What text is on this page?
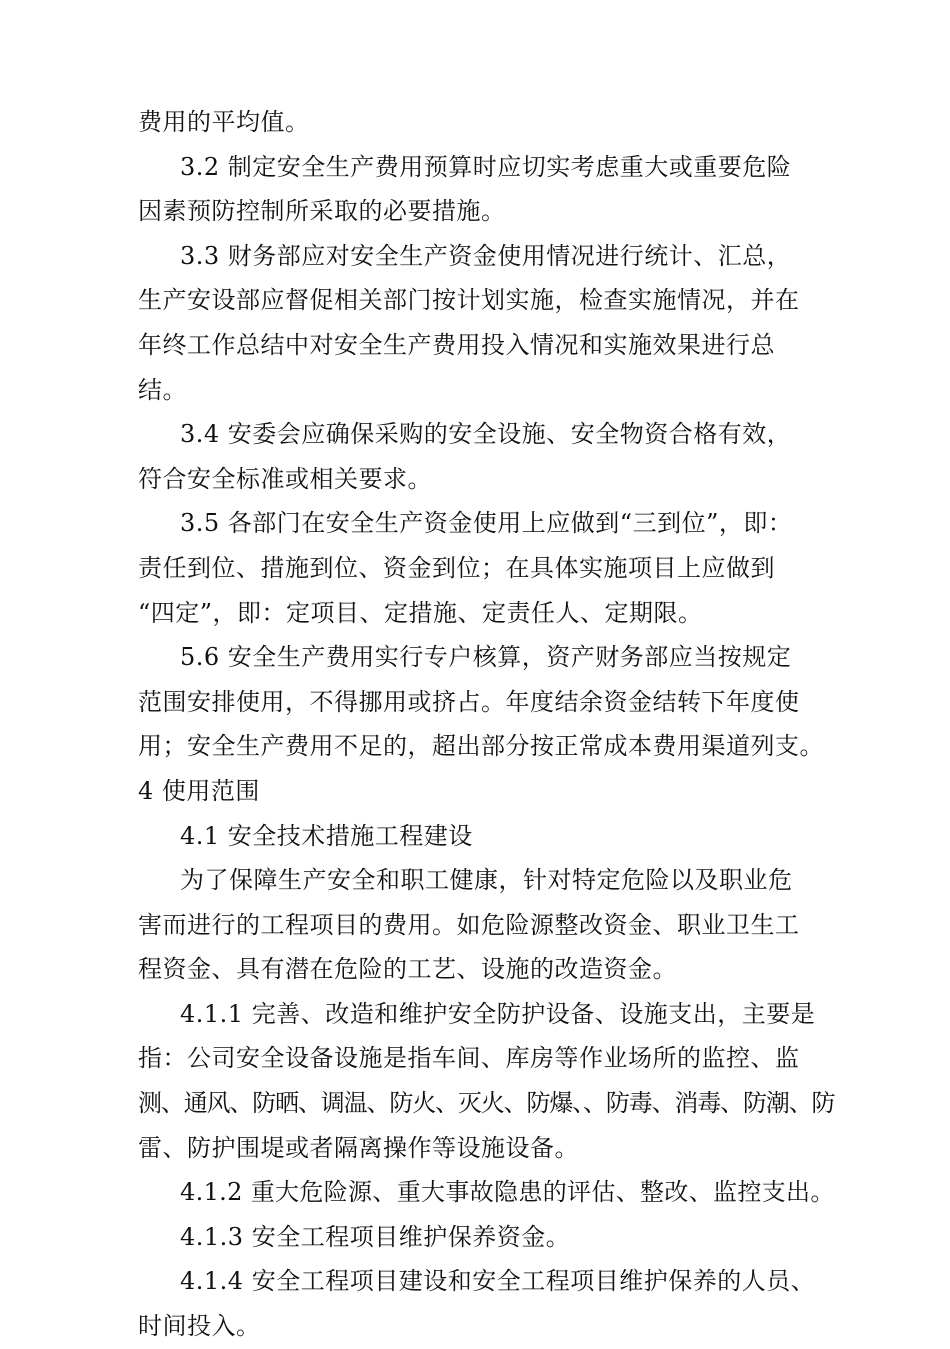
费用的平均值。
3.2 制定安全生产费用预算时应切实考虑重大或重要危险
因素预防控制所采取的必要措施。
3.3 财务部应对安全生产资金使用情况进行统计、汇总，
生产安设部应督促相关部门按计划实施，检查实施情况，并在
年终工作总结中对安全生产费用投入情况和实施效果进行总
结。
3.4 安委会应确保采购的安全设施、安全物资合格有效，
符合安全标准或相关要求。
3.5 各部门在安全生产资金使用上应做到“三到位”，即：
责任到位、措施到位、资金到位；在具体实施项目上应做到
“四定”，即：定项目、定措施、定责任人、定期限。
5.6 安全生产费用实行专户核算，资产财务部应当按规定
范围安排使用，不得挪用或挤占。年度结余资金结转下年度使
用；安全生产费用不足的，超出部分按正常成本费用渠道列支。
4 使用范围
4.1 安全技术措施工程建设
为了保障生产安全和职工健康，针对特定危险以及职业危
害而进行的工程项目的费用。如危险源整改资金、职业卫生工
程资金、具有潜在危险的工艺、设施的改造资金。
4.1.1 完善、改造和维护安全防护设备、设施支出，主要是
指：公司安全设备设施是指车间、库房等作业场所的监控、监
测、通风、防晒、调温、防火、灭火、防爆、、防毒、消毒、防潮、防
雷、防护围堤或者隔离操作等设施设备。
4.1.2 重大危险源、重大事故隐患的评估、整改、监控支出。
4.1.3 安全工程项目维护保养资金。
4.1.4 安全工程项目建设和安全工程项目维护保养的人员、
时间投入。
